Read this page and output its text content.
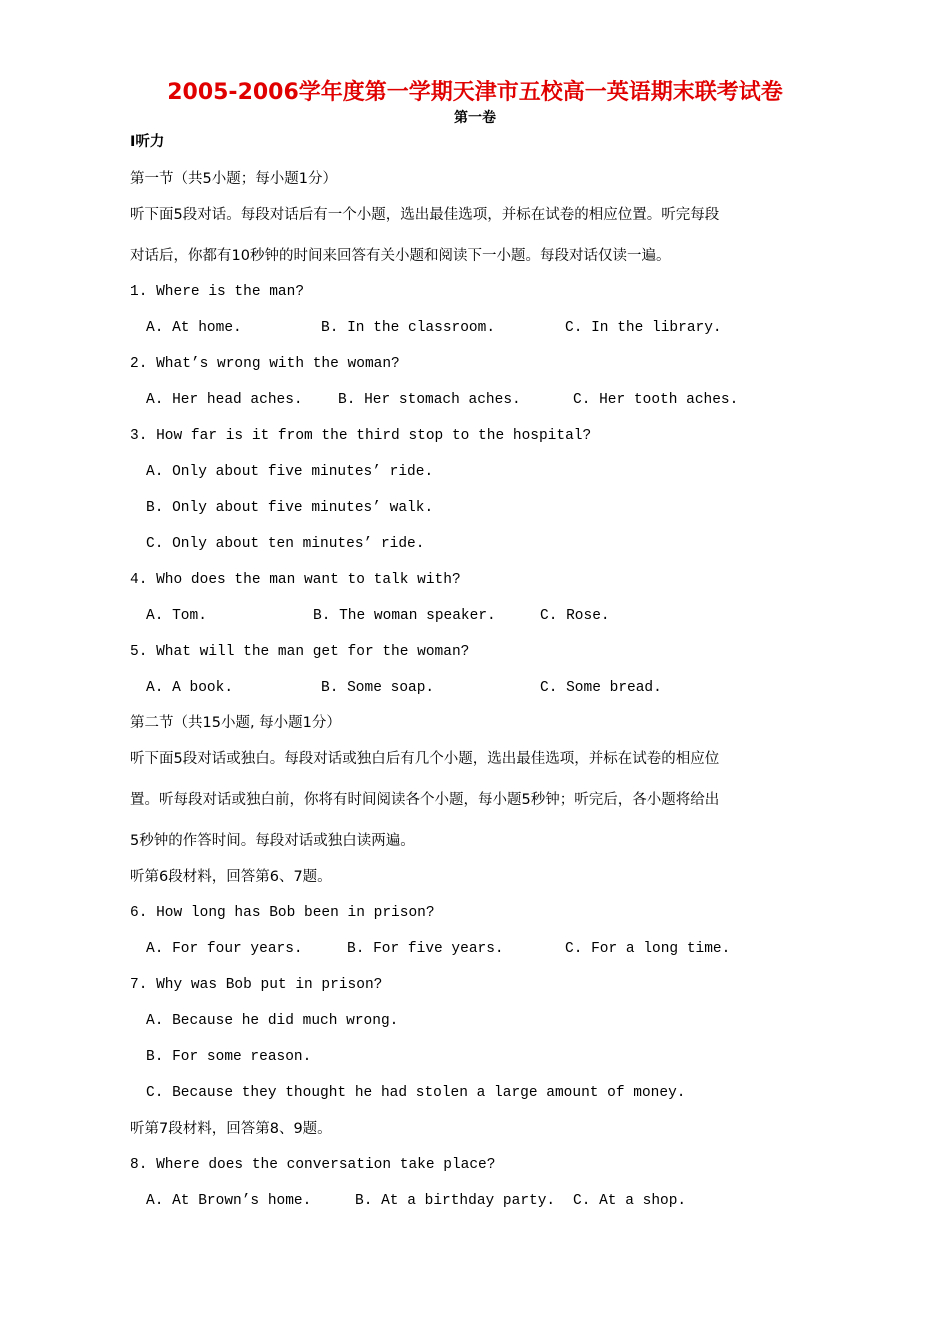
2005-2006学年度第一学期天津市五校高一英语期末联考试卷
第一卷
I听力
第一节（共5小题；每小题1分）
听下面5段对话。每段对话后有一个小题，选出最佳选项，并标在试卷的相应位置。听完每段
对话后，你都有10秒钟的时间来回答有关小题和阅读下一小题。每段对话仅读一遍。
1. Where is the man?
A. At home.	B. In the classroom.	C. In the library.
2. What’s wrong with the woman?
A. Her head aches. B. Her stomach aches.	C. Her tooth aches.
3. How far is it from the third stop to the hospital?
A. Only about five minutes’ ride.
B. Only about five minutes’ walk.
C. Only about ten minutes’ ride.
4. Who does the man want to talk with?
A. Tom.	B. The woman speaker.	C. Rose.
5. What will the man get for the woman?
A. A book.	B. Some soap.	C. Some bread.
第二节（共15小题, 每小题1分）
听下面5段对话或独白。每段对话或独白后有几个小题，选出最佳选项，并标在试卷的相应位
置。听每段对话或独白前，你将有时间阅读各个小题，每小题5秒钟；听完后，各小题将给出
5秒钟的作答时间。每段对话或独白读两遍。
听第6段材料，回答第6、7题。
6. How long has Bob been in prison?
A. For four years.	B. For five years.	C. For a long time.
7. Why was Bob put in prison?
A. Because he did much wrong.
B. For some reason.
C. Because they thought he had stolen a large amount of money.
听第7段材料，回答第8、9题。
8. Where does the conversation take place?
A. At Brown’s home.	B. At a birthday party. C. At a shop.
